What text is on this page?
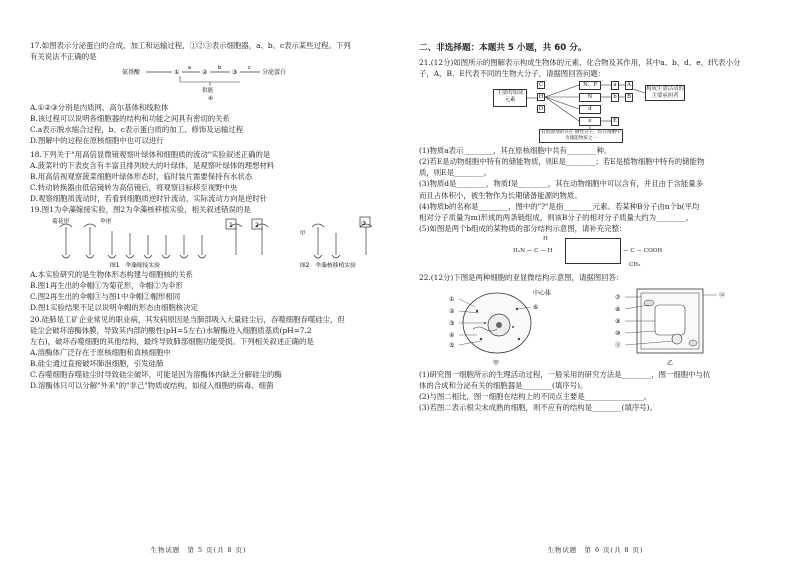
17.如图表示分泌蛋白的合成、加工和运输过程，①②③表示细胞器，a、b、c表示某些过程。下列
有关说法不正确的是
氨基酸	①
a
②
b
③
c
分泌蛋白
供能
④
A.①②③分别是内质网、高尔基体和线粒体
B.该过程可以说明各细胞器的结构和功能之间具有密切的关系
C.a表示脱水缩合过程，b、c表示蛋白质的加工、修饰及运输过程
D.图解中的过程在原核细胞中也可以进行
18.下列关于"用高倍显微镜观察叶绿体和细胞质的流动"实验叙述正确的是
A.菠菜叶的下表皮含有丰富且排列较大的叶绿体，是观察叶绿体的理想材料
B.用高倍视观察菠菜细胞叶绿体形态时，临时装片需要保持有水状态
C.转动转换器由低倍镜转为高倍镜后，将观察目标移至视野中央
D.观察细胞质流动时，若看到细胞质逆时针流动，实际流动方向是逆时针
19.图1为伞藻嫁接实验，图2为伞藻核移植实验，相关叙述错误的是
菊花形	伞形	1	2	③
甲
图1　伞藻嫁接实验	图2　伞藻核移植实验
A.本实验研究的是生物体形态构建与细胞核的关系
B.图1再生出的伞帽①为菊花形，伞帽②为伞形
C.图2再生出的伞帽③与图1中伞帽②帽形相同
D.图1实验结果不足以说明伞帽的形态由细胞核决定
20.硅肺是工矿企业常见的职业病，其发病原因是当肺部吸入大量硅尘后，吞噬细胞吞噬硅尘，但
硅尘会破坏溶酶体膜，导致其内部的酸性(pH=5左右)水解酶进入细胞质基质(pH=7.2
左右)，破坏吞噬细胞的其他结构，最终导致肺部细胞功能受损。下列相关叙述正确的是
A.溶酶体广泛存在于原核细胞和真核细胞中
B.硅尘通过直接破坏肺泡细胞，引发硅肺
C.吞噬细胞吞噬硅尘时导致硅尘破坏，可能是因为溶酶体内缺乏分解硅尘的酶
D.溶酶体只可以分解"外来"的"非己"物质或结构，如侵入细胞的病毒、细菌
生物试题　第 5 页(共 8 页)
二、非选择题：本题共 5 小题，共 60 分。
21.(12分)如图所示的图解表示构成生物体的元素、化合物及其作用，其中a、b、d、e、f代表小分
子，A、B、E代表不同的生物大分子，请据图回答问题：
主要的组成元素
C
H
O
N、P
N
d
e
a
b
A
B
E
构成生命活动的主要承担者
有机溶剂的存在 极性分子，均在细胞中为储能物质之一
(1)物质a表示________，其在原核细胞中共有________种。
(2)若E是动物细胞中特有的储能物质，则E是________；若E是植物细胞中特有的储能物
质，则E是________。
(3)物质d是________，物质f是________，其在动物细胞中可以含有，并且由于含能量多
而且占体积小，被生物作为长期储备能源的物质。
(4)物质b的名称是________，图中的"?"是指________元素。若某种B分子由n个b(平均
相对分子质量为m)形成的两条链组成，则该B分子的相对分子质量大约为________。
(5)如图是两个b组成的某物质的部分结构示意图，请补充完整：
H
H₂N — C — H	— C — COOH
CH₃
22.(12分)下图是两种细胞的亚显微结构示意图，请据图回答：
中心体
①
②
③
④
⑤
⑥
⑦
⑧
⑨
⑩
⑪
⑫
甲	乙
(1)研究图一细胞所示的生理活动过程，一般采用的研究方法是________，图一细胞中与抗
体的合成和分泌有关的细胞器是________(填序号)。
(2)与图二相比，图一细胞在结构上的不同点主要是________________。
(3)若图二表示根尖未成熟的细胞，则不应有的结构是________(填序号)。
生物试题　第 6 页(共 8 页)
